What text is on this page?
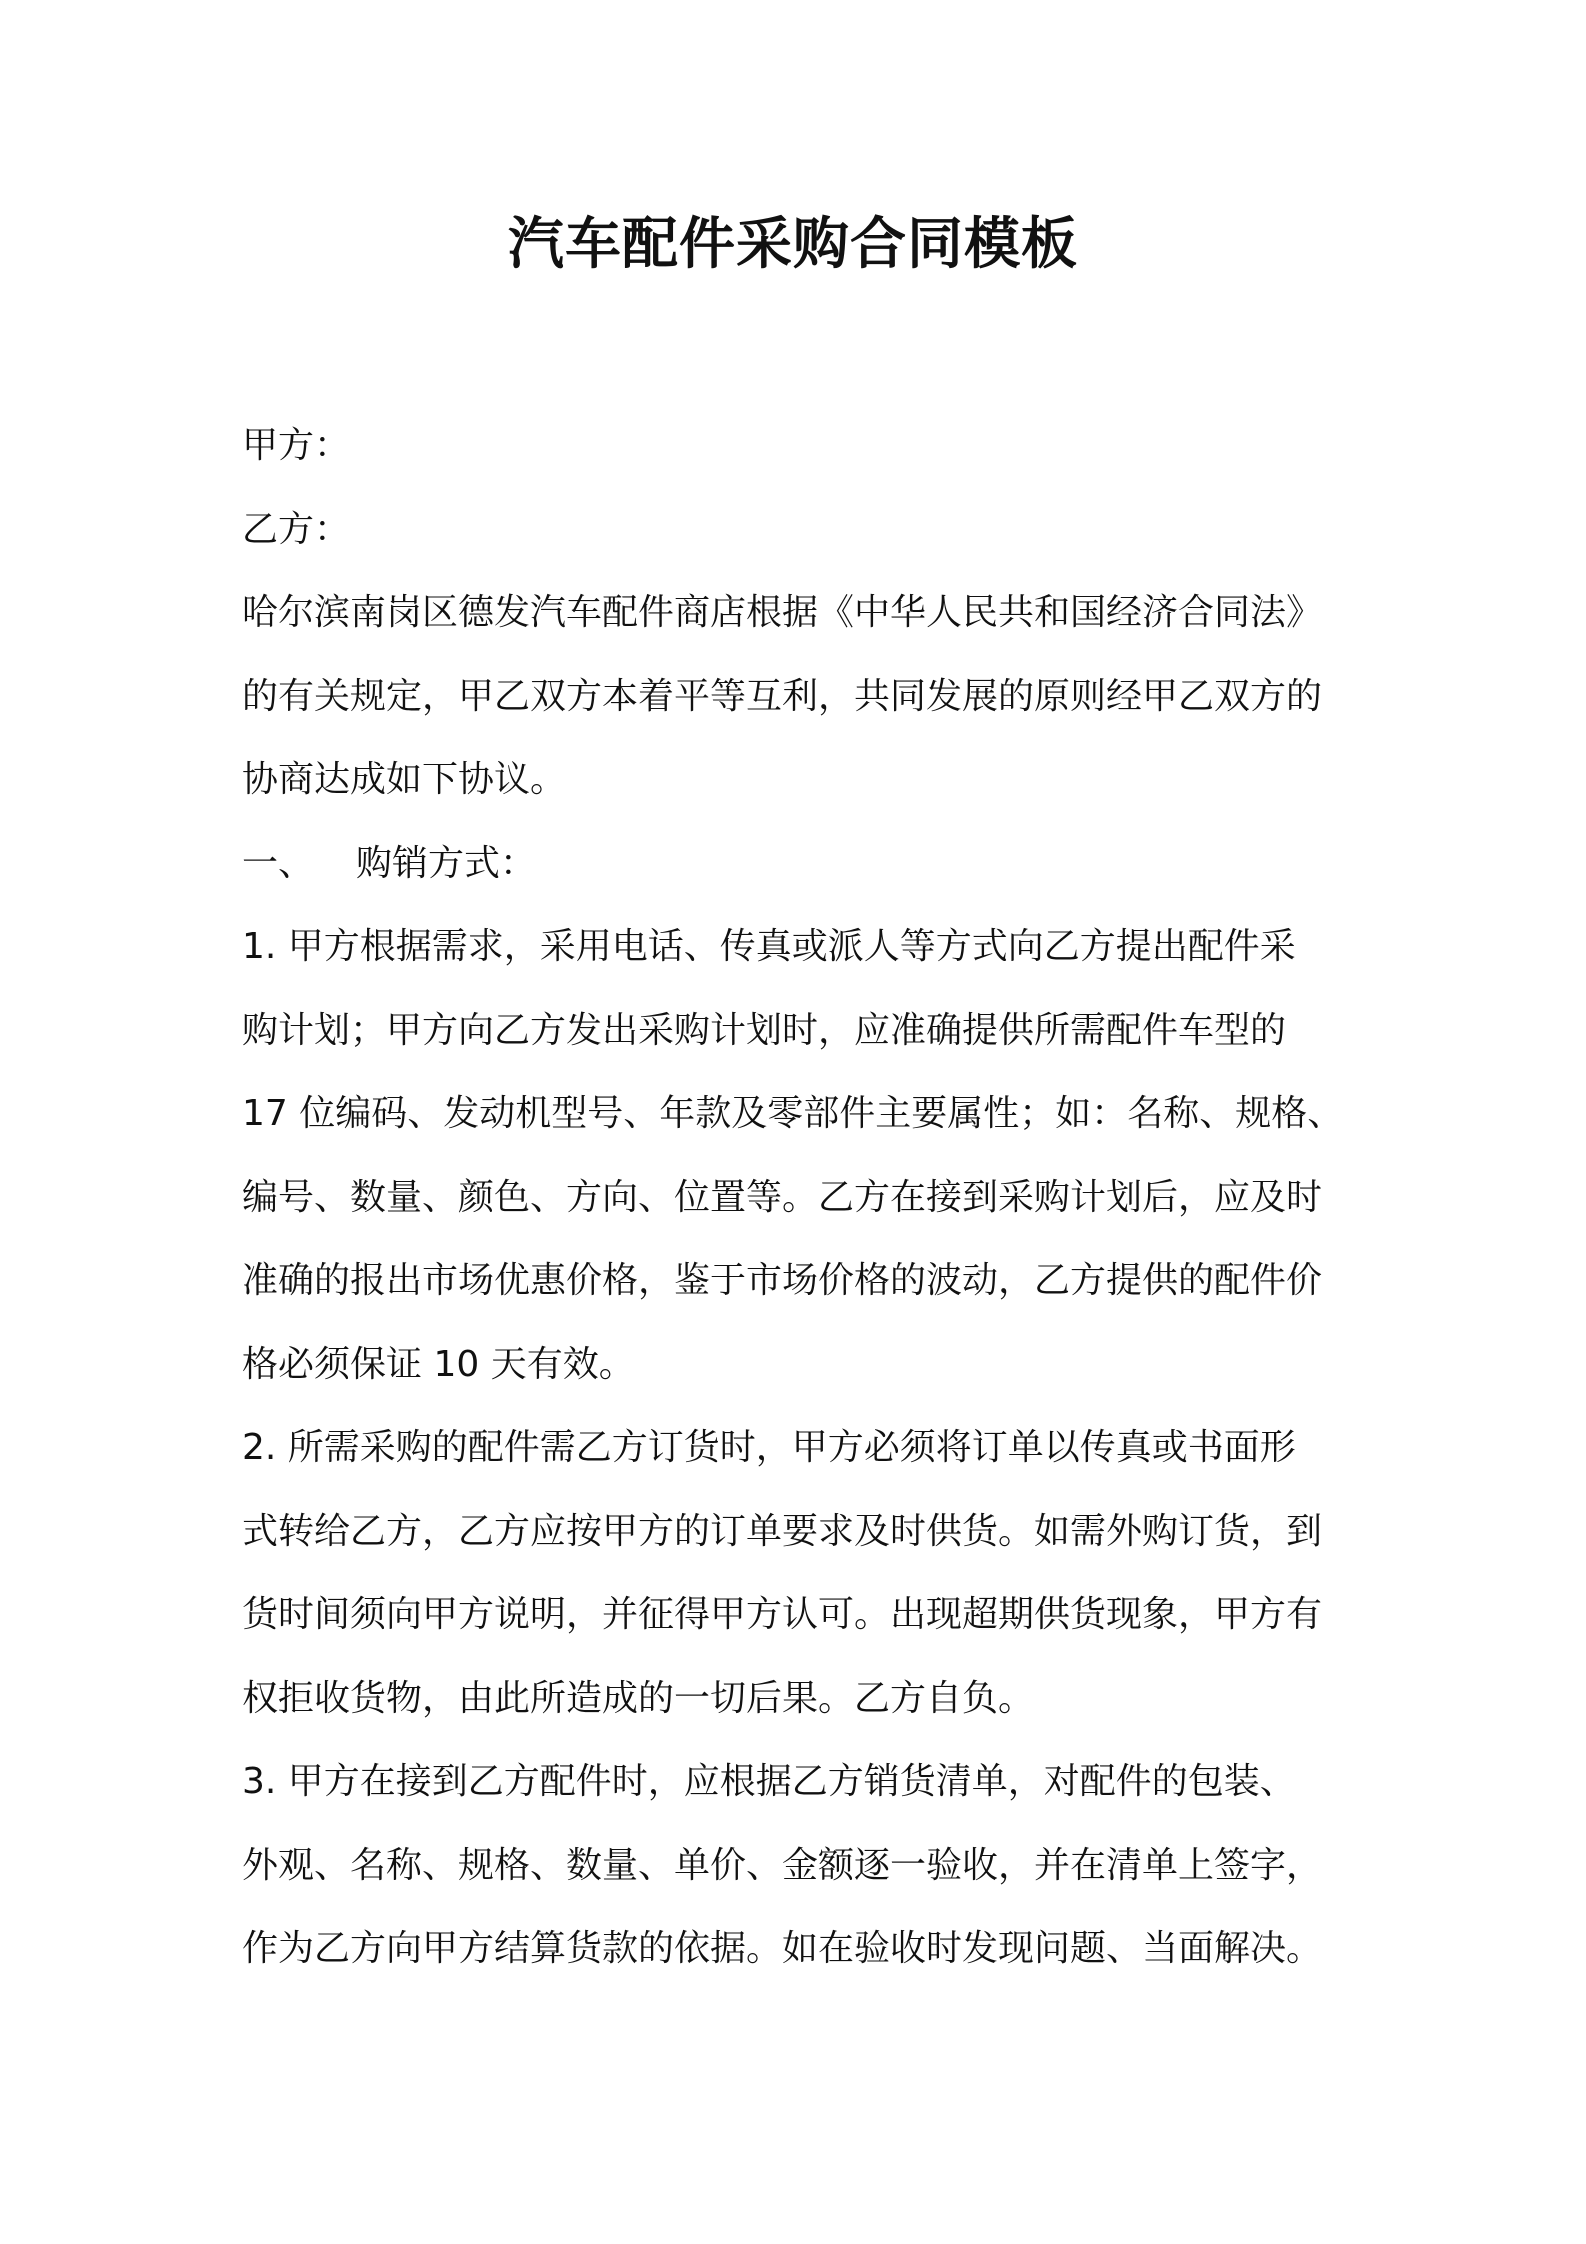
汽车配件采购合同模板
甲方：
乙方：
哈尔滨南岗区德发汽车配件商店根据《中华人民共和国经济合同法》
的有关规定，甲乙双方本着平等互利，共同发展的原则经甲乙双方的
协商达成如下协议。
一、 购销方式：
1. 甲方根据需求，采用电话、传真或派人等方式向乙方提出配件采
购计划；甲方向乙方发出采购计划时，应准确提供所需配件车型的
17 位编码、发动机型号、年款及零部件主要属性；如：名称、规格、
编号、数量、颜色、方向、位置等。乙方在接到采购计划后，应及时
准确的报出市场优惠价格，鉴于市场价格的波动，乙方提供的配件价
格必须保证 10 天有效。
2. 所需采购的配件需乙方订货时，甲方必须将订单以传真或书面形
式转给乙方，乙方应按甲方的订单要求及时供货。如需外购订货，到
货时间须向甲方说明，并征得甲方认可。出现超期供货现象，甲方有
权拒收货物，由此所造成的一切后果。乙方自负。
3. 甲方在接到乙方配件时，应根据乙方销货清单，对配件的包装、
外观、名称、规格、数量、单价、金额逐一验收，并在清单上签字，
作为乙方向甲方结算货款的依据。如在验收时发现问题、当面解决。
